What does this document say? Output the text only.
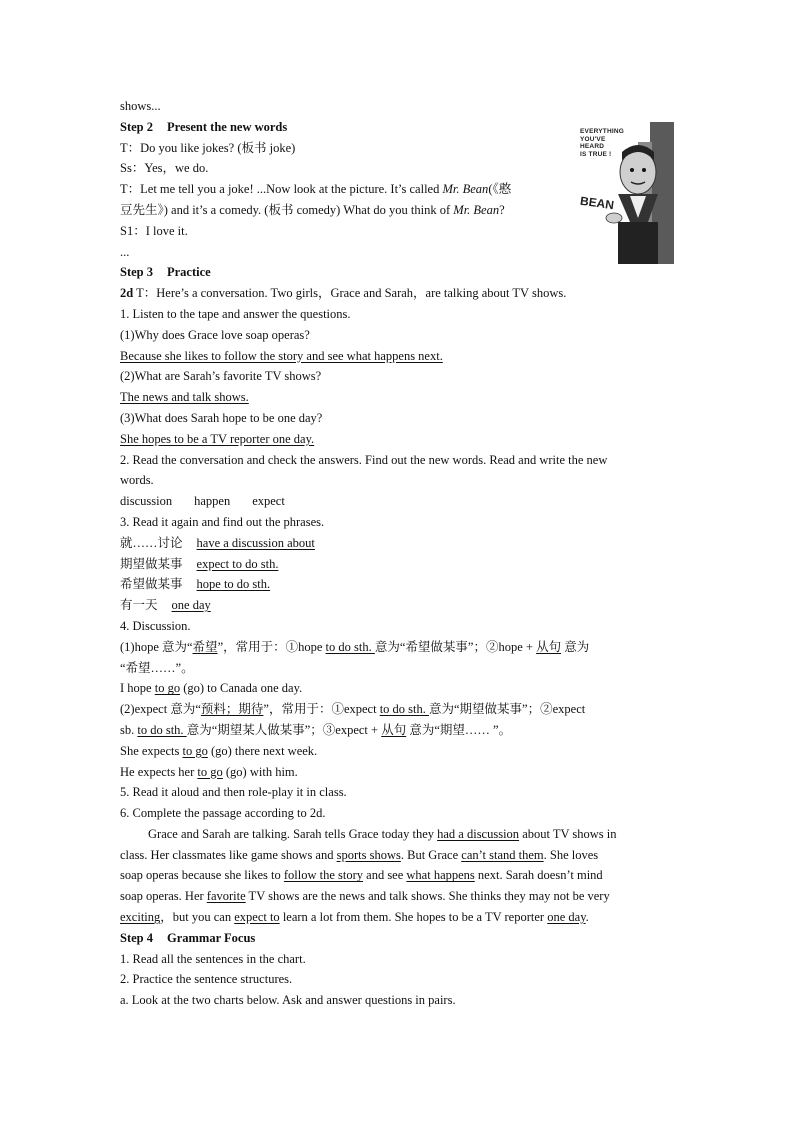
shows...
Step 2 Present the new words
T：Do you like jokes? (板书 joke)
Ss：Yes，we do.
T：Let me tell you a joke! ...Now look at the picture. It’s called Mr. Bean(《憨
豆先生》) and it’s a comedy. (板书 comedy) What do you think of Mr. Bean?
S1：I love it.
...
Step 3 Practice
2d T：Here’s a conversation. Two girls，Grace and Sarah，are talking about TV shows.
1. Listen to the tape and answer the questions.
(1)Why does Grace love soap operas?
Because she likes to follow the story and see what happens next.
(2)What are Sarah’s favorite TV shows?
The news and talk shows.
(3)What does Sarah hope to be one day?
She hopes to be a TV reporter one day.
2. Read the conversation and check the answers. Find out the new words. Read and write the new
words.
discussion happen expect
3. Read it again and find out the phrases.
就……讨论 have a discussion about
期望做某事 expect to do sth.
希望做某事 hope to do sth.
有一天 one day
4. Discussion.
(1)hope 意为“希望”，常用于：①hope to do sth. 意为“希望做某事”；②hope + 从句 意为
“希望……”。
I hope to go (go) to Canada one day.
(2)expect 意为“预料；期待”，常用于：①expect to do sth. 意为“期望做某事”；②expect
sb. to do sth. 意为“期望某人做某事”；③expect + 从句 意为“期望…… ”。
She expects to go (go) there next week.
He expects her to go (go) with him.
5. Read it aloud and then role-play it in class.
6. Complete the passage according to 2d.
Grace and Sarah are talking. Sarah tells Grace today they had a discussion about TV shows in
class. Her classmates like game shows and sports shows. But Grace can’t stand them. She loves
soap operas because she likes to follow the story and see what happens next. Sarah doesn’t mind
soap operas. Her favorite TV shows are the news and talk shows. She thinks they may not be very
exciting，but you can expect to learn a lot from them. She hopes to be a TV reporter one day.
Step 4 Grammar Focus
1. Read all the sentences in the chart.
2. Practice the sentence structures.
a. Look at the two charts below. Ask and answer questions in pairs.
EVERYTHING
YOU'VE
HEARD
IS TRUE !
BEAN
